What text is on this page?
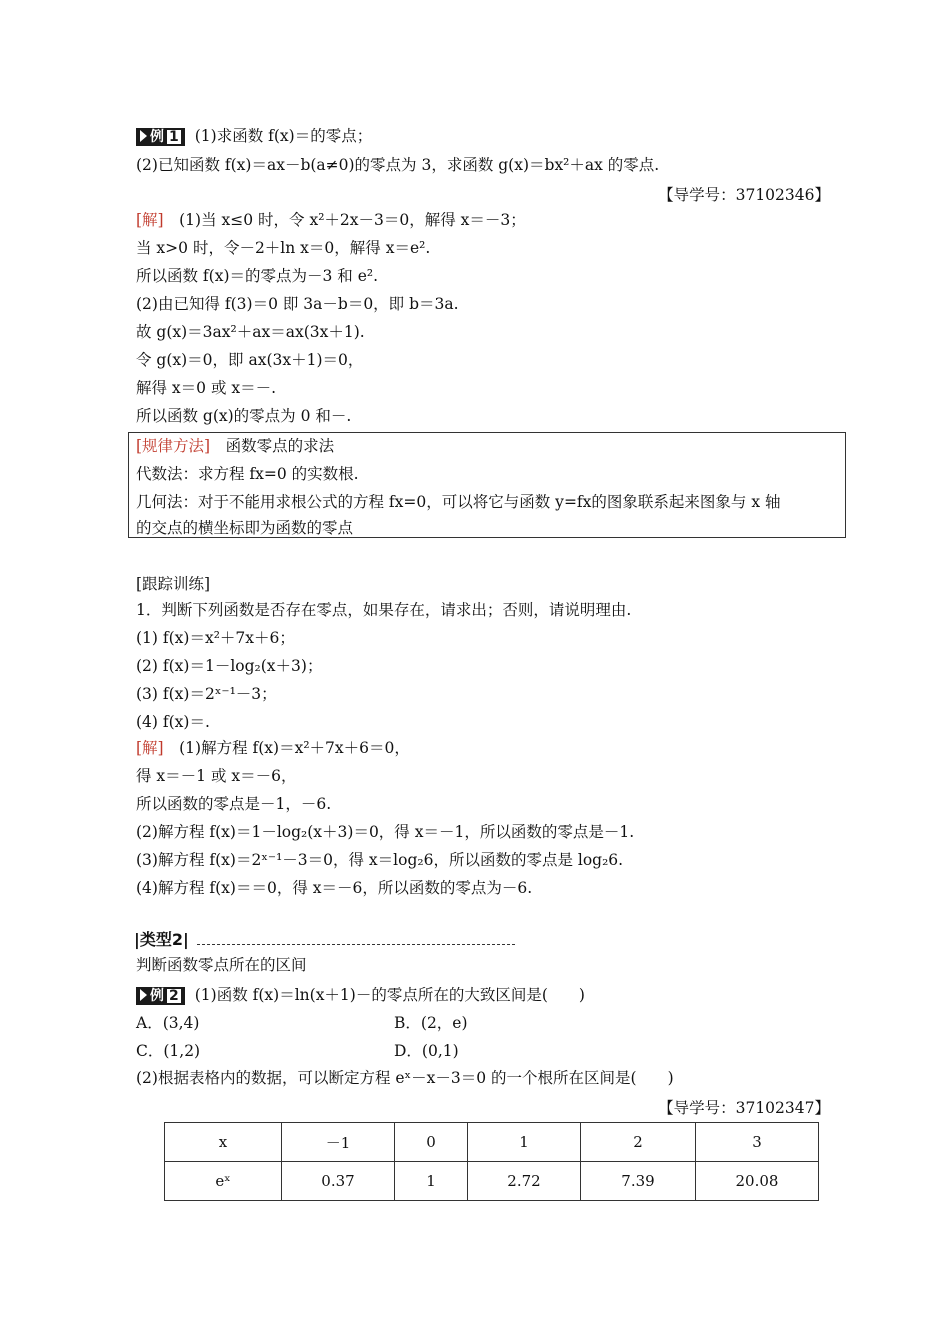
例 1 (1)求函数 f(x)＝的零点；
(2)已知函数 f(x)＝ax－b(a≠0)的零点为 3，求函数 g(x)＝bx²＋ax 的零点.
【导学号：37102346】
[解]　 (1)当 x≤0 时，令 x²＋2x－3＝0，解得 x＝－3；
当 x>0 时，令－2＋ln x＝0，解得 x＝e².
所以函数 f(x)＝的零点为－3 和 e².
(2)由已知得 f(3)＝0 即 3a－b＝0，即 b＝3a.
故 g(x)＝3ax²＋ax＝ax(3x＋1).
令 g(x)＝0，即 ax(3x＋1)＝0，
解得 x＝0 或 x＝－.
所以函数 g(x)的零点为 0 和－.
[规律方法]　 函数零点的求法
代数法：求方程 fx=0 的实数根.
几何法：对于不能用求根公式的方程 fx=0，可以将它与函数 y=fx的图象联系起来图象与 x 轴
的交点的横坐标即为函数的零点
[跟踪训练]
1．判断下列函数是否存在零点，如果存在，请求出；否则，请说明理由.
(1) f(x)＝x²＋7x＋6；
(2) f(x)＝1－log₂(x＋3)；
(3) f(x)＝2ˣ⁻¹－3；
(4) f(x)＝.
[解]　 (1)解方程 f(x)＝x²＋7x＋6＝0，
得 x＝－1 或 x＝－6，
所以函数的零点是－1，－6.
(2)解方程 f(x)＝1－log₂(x＋3)＝0，得 x＝－1，所以函数的零点是－1.
(3)解方程 f(x)＝2ˣ⁻¹－3＝0，得 x＝log₂6，所以函数的零点是 log₂6.
(4)解方程 f(x)＝＝0，得 x＝－6，所以函数的零点为－6.
|类型2|
判断函数零点所在的区间
例 2 (1)函数 f(x)＝ln(x＋1)－的零点所在的大致区间是(　　)
A．(3,4)	B．(2，e)
C．(1,2)	D．(0,1)
(2)根据表格内的数据，可以断定方程 eˣ－x－3＝0 的一个根所在区间是(　　)
【导学号：37102347】
x	－1	0	1	2	3
eˣ	0.37	1	2.72	7.39	20.08
